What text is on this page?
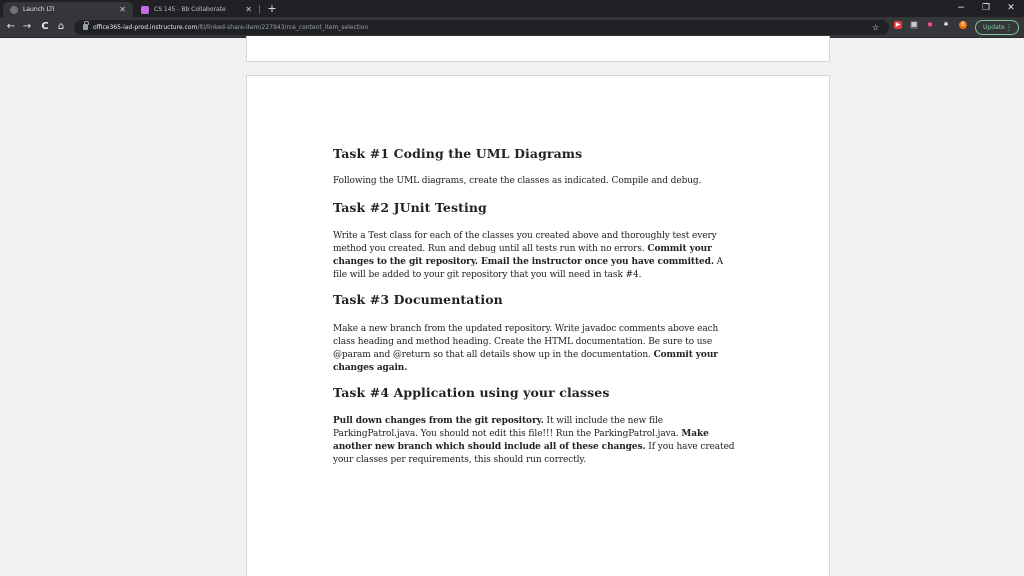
Launch LTI	✕	CS 145 - Bb Collaborate	✕ +	−	❐	✕
← →	C ⌂	office365-iad-prod.instructure.com/lti/linked-share-item/227943/rce_content_item_selection	☆	▶ ▦ ● ✱	B	Update ⋮
Task #1 Coding the UML Diagrams

Following the UML diagrams, create the classes as indicated. Compile and debug.

Task #2 JUnit Testing

Write a Test class for each of the classes you created above and thoroughly test every method you created. Run and debug until all tests run with no errors. Commit your changes to the git repository. Email the instructor once you have committed. A file will be added to your git repository that you will need in task #4.

Task #3 Documentation

Make a new branch from the updated repository. Write javadoc comments above each class heading and method heading. Create the HTML documentation. Be sure to use @param and @return so that all details show up in the documentation. Commit your changes again.

Task #4 Application using your classes

Pull down changes from the git repository. It will include the new file ParkingPatrol.java. You should not edit this file!!! Run the ParkingPatrol.java. Make another new branch which should include all of these changes. If you have created your classes per requirements, this should run correctly.
